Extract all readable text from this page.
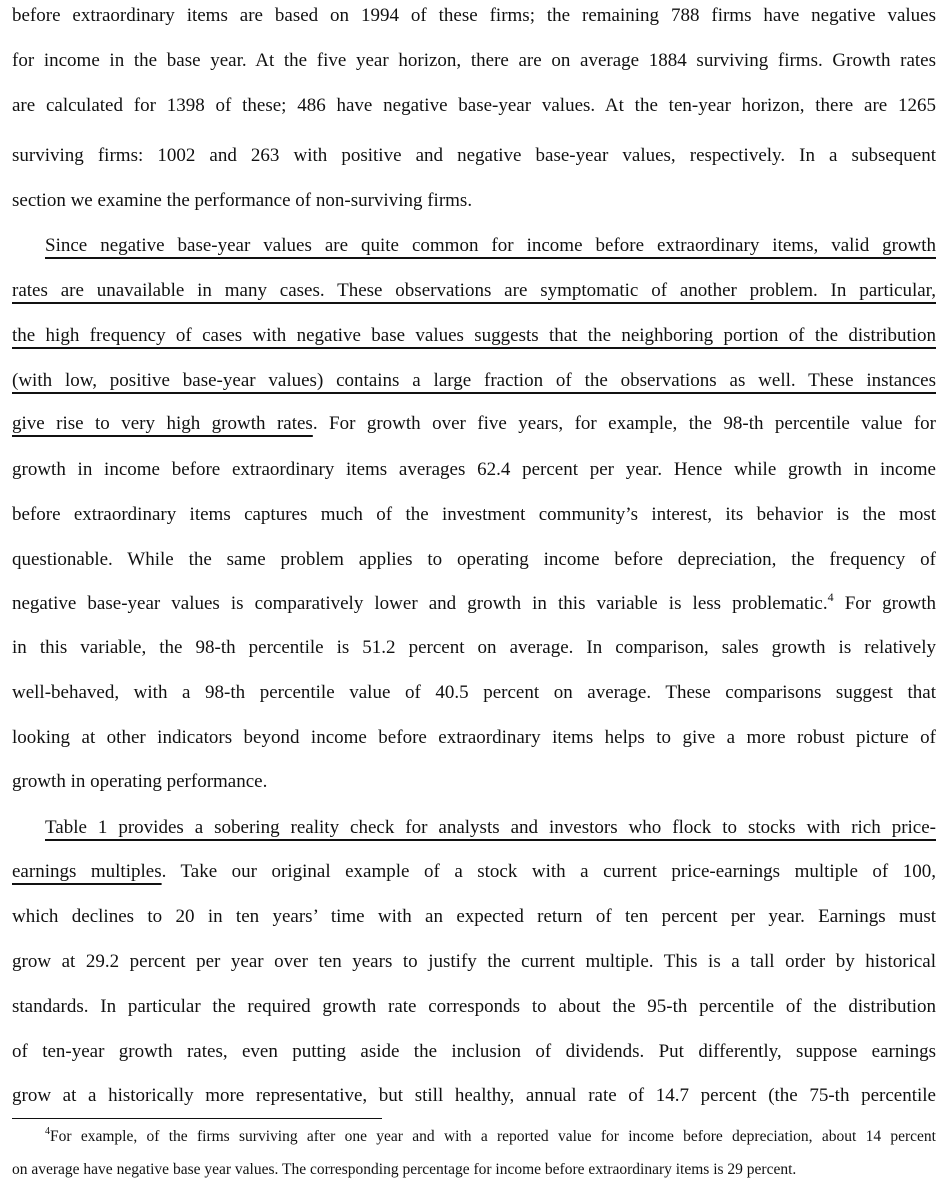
before extraordinary items are based on 1994 of these firms; the remaining 788 firms have negative values
for income in the base year. At the five year horizon, there are on average 1884 surviving firms. Growth rates
are calculated for 1398 of these; 486 have negative base-year values. At the ten-year horizon, there are 1265
surviving firms: 1002 and 263 with positive and negative base-year values, respectively. In a subsequent
section we examine the performance of non-surviving firms.
Since negative base-year values are quite common for income before extraordinary items, valid growth
rates are unavailable in many cases. These observations are symptomatic of another problem. In particular,
the high frequency of cases with negative base values suggests that the neighboring portion of the distribution
(with low, positive base-year values) contains a large fraction of the observations as well. These instances
give rise to very high growth rates. For growth over five years, for example, the 98-th percentile value for
growth in income before extraordinary items averages 62.4 percent per year. Hence while growth in income
before extraordinary items captures much of the investment community’s interest, its behavior is the most
questionable. While the same problem applies to operating income before depreciation, the frequency of
negative base-year values is comparatively lower and growth in this variable is less problematic.$^4$ For growth
in this variable, the 98-th percentile is 51.2 percent on average. In comparison, sales growth is relatively
well-behaved, with a 98-th percentile value of 40.5 percent on average. These comparisons suggest that
looking at other indicators beyond income before extraordinary items helps to give a more robust picture of
growth in operating performance.
Table 1 provides a sobering reality check for analysts and investors who flock to stocks with rich price-
earnings multiples. Take our original example of a stock with a current price-earnings multiple of 100,
which declines to 20 in ten years’ time with an expected return of ten percent per year. Earnings must
grow at 29.2 percent per year over ten years to justify the current multiple. This is a tall order by historical
standards. In particular the required growth rate corresponds to about the 95-th percentile of the distribution
of ten-year growth rates, even putting aside the inclusion of dividends. Put differently, suppose earnings
grow at a historically more representative, but still healthy, annual rate of 14.7 percent (the 75-th percentile
$^4$For example, of the firms surviving after one year and with a reported value for income before depreciation, about 14 percent
on average have negative base year values. The corresponding percentage for income before extraordinary items is 29 percent.
